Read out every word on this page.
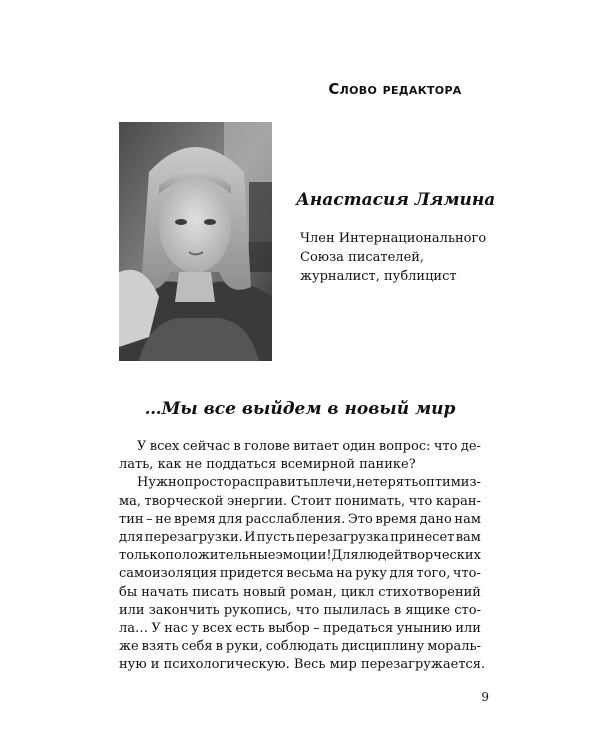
Слово редактора
Анастасия Лямина
Член Интернационального
Союза писателей,
журналист, публицист
…Мы все выйдем в новый мир
У всех сейчас в голове витает один вопрос: что де-
лать, как не поддаться всемирной панике?
Нужно просто расправить плечи, не терять оптимиз-
ма, творческой энергии. Стоит понимать, что каран-
тин – не время для расслабления. Это время дано нам
для перезагрузки. И пусть перезагрузка принесет вам
только положительные эмоции! Для людей творческих
самоизоляция придется весьма на руку для того, что-
бы начать писать новый роман, цикл стихотворений
или закончить рукопись, что пылилась в ящике сто-
ла… У нас у всех есть выбор – предаться унынию или
же взять себя в руки, соблюдать дисциплину мораль-
ную и психологическую. Весь мир перезагружается.
9
